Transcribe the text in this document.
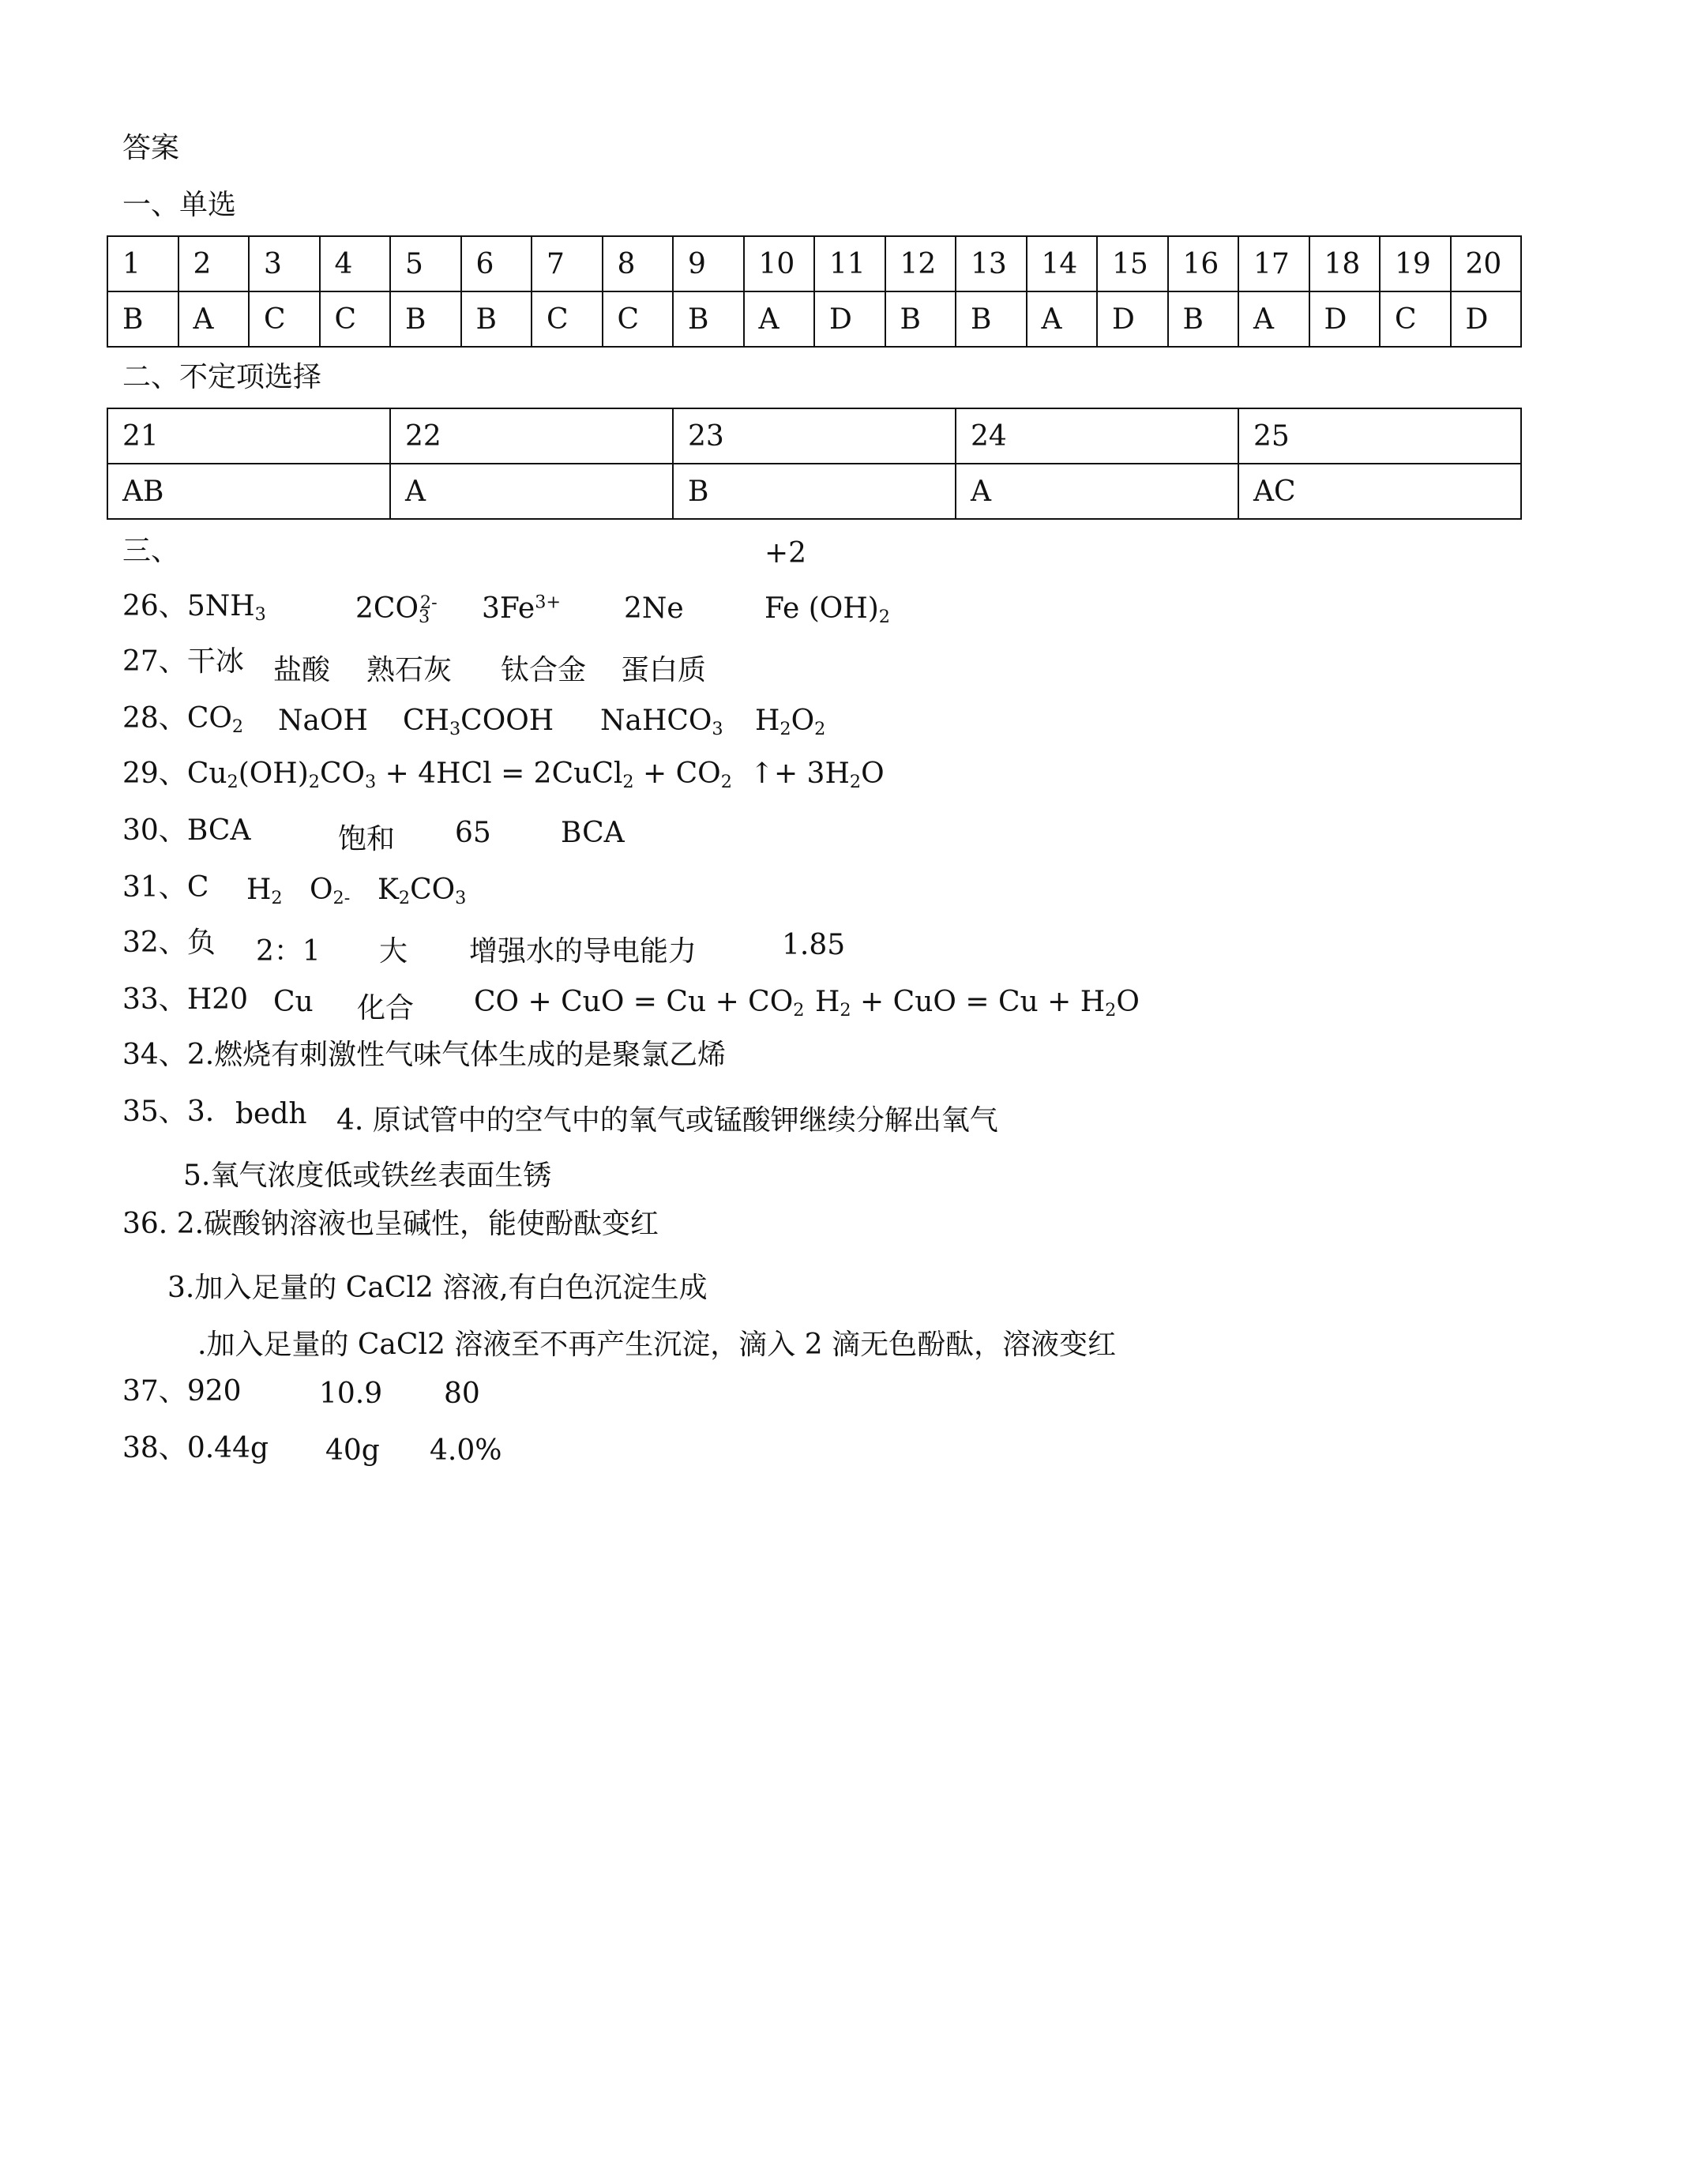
答案
一、单选
1	2	3	4	5	6	7	8	9	10	11	12	13	14	15	16	17	18	19	20
B	A	C	C	B	B	C	C	B	A	D	B	B	A	D	B	A	D	C	D
二、不定项选择
21	22	23	24	25
AB	A	B	A	AC
三、	+2
26、$5NH_3$	$2CO_3^{2-}$ $3Fe^{3+}$ 2Ne	Fe $(OH)_2$
27、干冰 盐酸 熟石灰 钛合金 蛋白质
28、$CO_2$ NaOH $CH_3COOH$ NaHCO$_3$ $H_2O_2$
29、$Cu_2(OH)_2CO_3 + 4HCl$ = 2CuCl$_2$ + $CO_2$  ↑+ $3H_2O$
30、BCA	饱和 65 BCA
31、C $H_2$ $O_{2-}$ $K_2CO_3$
32、负 2：1 大 增强水的导电能力	1.85
33、H20 Cu 化合 CO + CuO = $Cu + CO_2$ $H_2$ + CuO = $Cu + H_2O$
34、2.燃烧有刺激性气味气体生成的是聚氯乙烯
35、3. bedh 4. 原试管中的空气中的氧气或锰酸钾继续分解出氧气
5.氧气浓度低或铁丝表面生锈
36. 2.碳酸钠溶液也呈碱性，能使酚酞变红
3.加入足量的 CaCl2 溶液,有白色沉淀生成
.加入足量的 CaCl2 溶液至不再产生沉淀，滴入 2 滴无色酚酞，溶液变红
37、920	10.9 80
38、0.44g 40g 4.0%
